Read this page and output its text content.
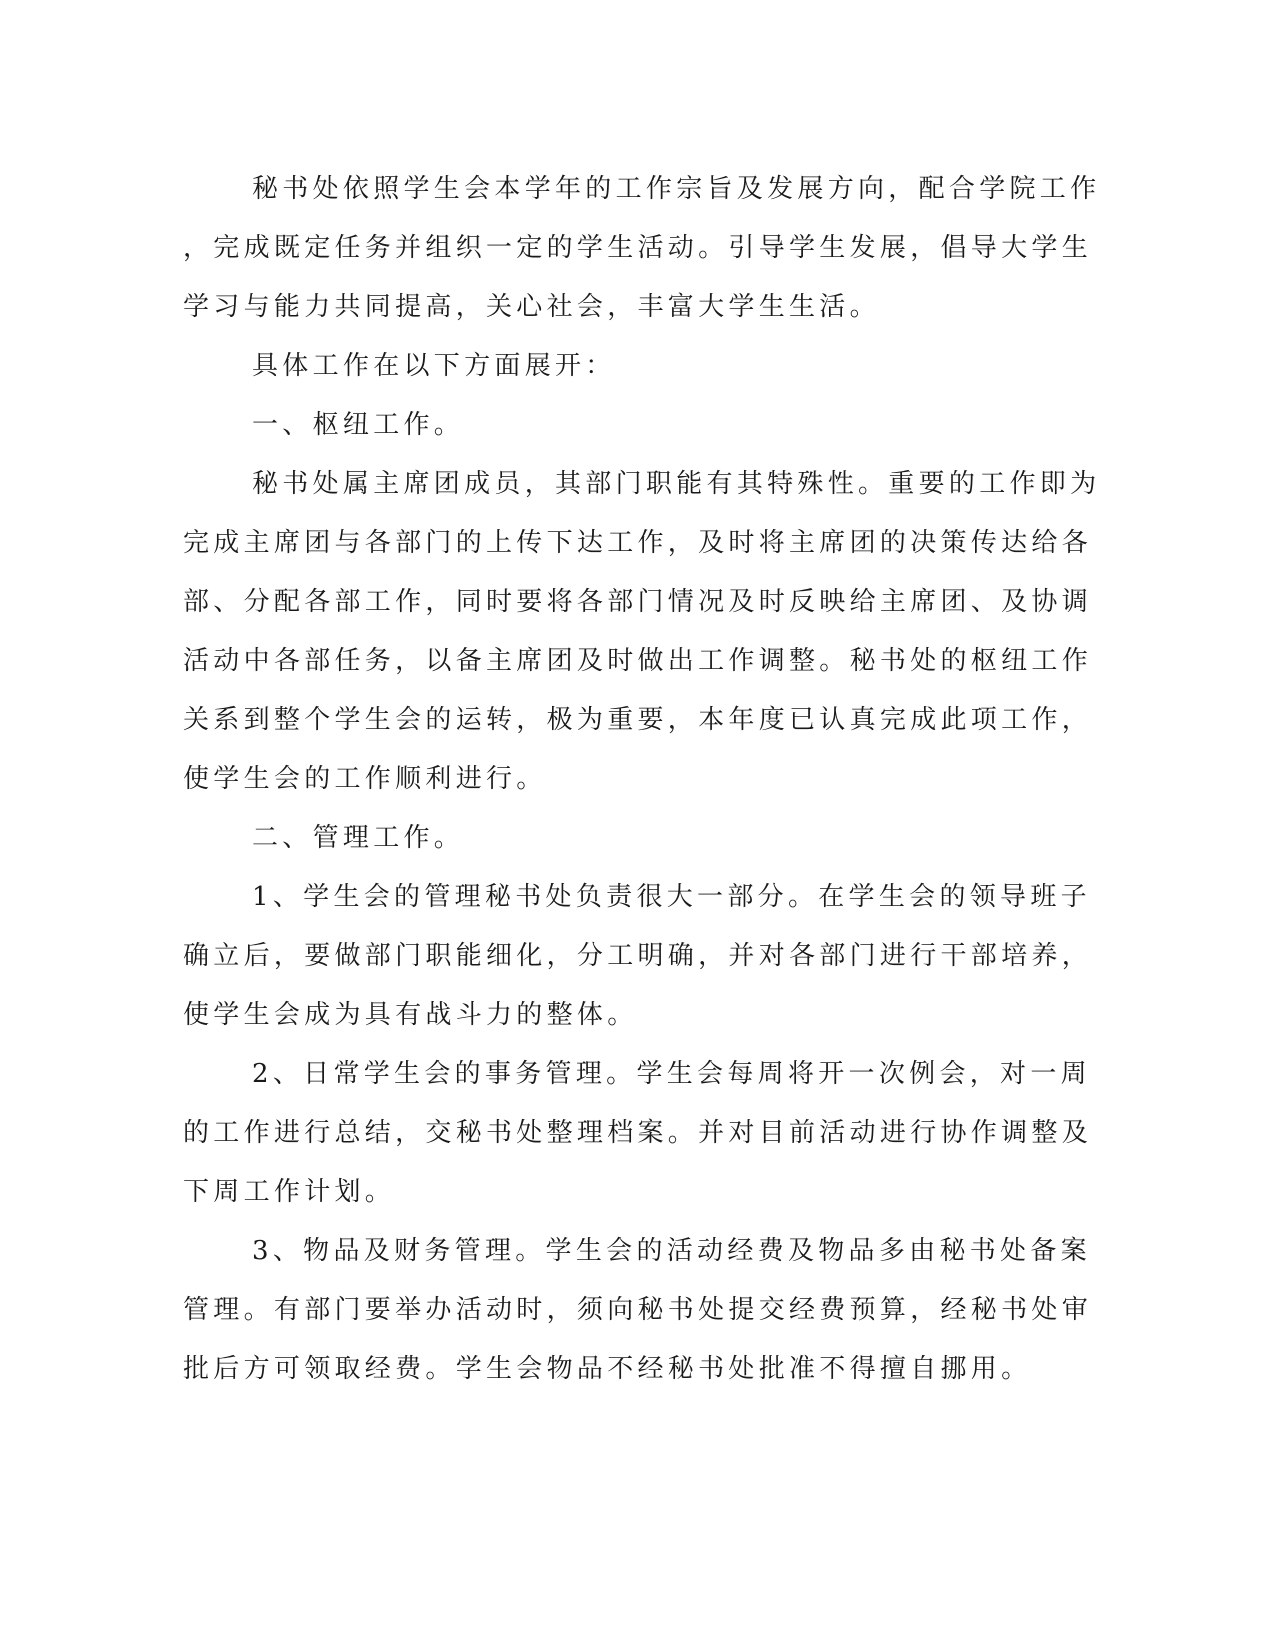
秘书处依照学生会本学年的工作宗旨及发展方向，配合学院工作
，完成既定任务并组织一定的学生活动。引导学生发展，倡导大学生
学习与能力共同提高，关心社会，丰富大学生生活。
具体工作在以下方面展开：
一、枢纽工作。
秘书处属主席团成员，其部门职能有其特殊性。重要的工作即为
完成主席团与各部门的上传下达工作，及时将主席团的决策传达给各
部、分配各部工作，同时要将各部门情况及时反映给主席团、及协调
活动中各部任务，以备主席团及时做出工作调整。秘书处的枢纽工作
关系到整个学生会的运转，极为重要，本年度已认真完成此项工作，
使学生会的工作顺利进行。
二、管理工作。
1、学生会的管理秘书处负责很大一部分。在学生会的领导班子
确立后，要做部门职能细化，分工明确，并对各部门进行干部培养，
使学生会成为具有战斗力的整体。
2、日常学生会的事务管理。学生会每周将开一次例会，对一周
的工作进行总结，交秘书处整理档案。并对目前活动进行协作调整及
下周工作计划。
3、物品及财务管理。学生会的活动经费及物品多由秘书处备案
管理。有部门要举办活动时，须向秘书处提交经费预算，经秘书处审
批后方可领取经费。学生会物品不经秘书处批准不得擅自挪用。
